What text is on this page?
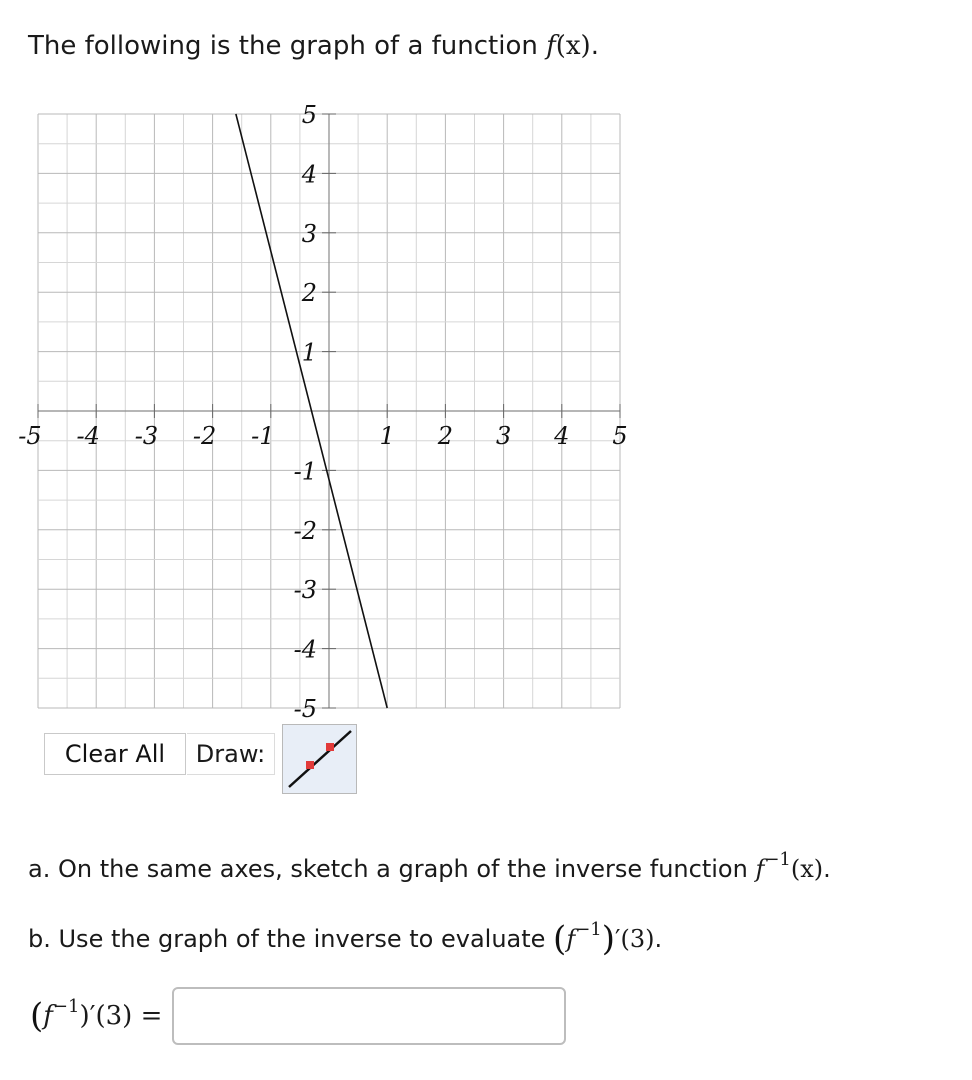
The following is the graph of a function f(x).
-5 -4 -3 -2 -1	1 2 3 4 5
5
4
3
2
1
-1
-2
-3
-4
-5
Clear All	Draw:
a. On the same axes, sketch a graph of the inverse function $f^{-1}(x)$.
b. Use the graph of the inverse to evaluate $(f^{-1})'(3)$.
$(f^{-1})'(3)$ =
